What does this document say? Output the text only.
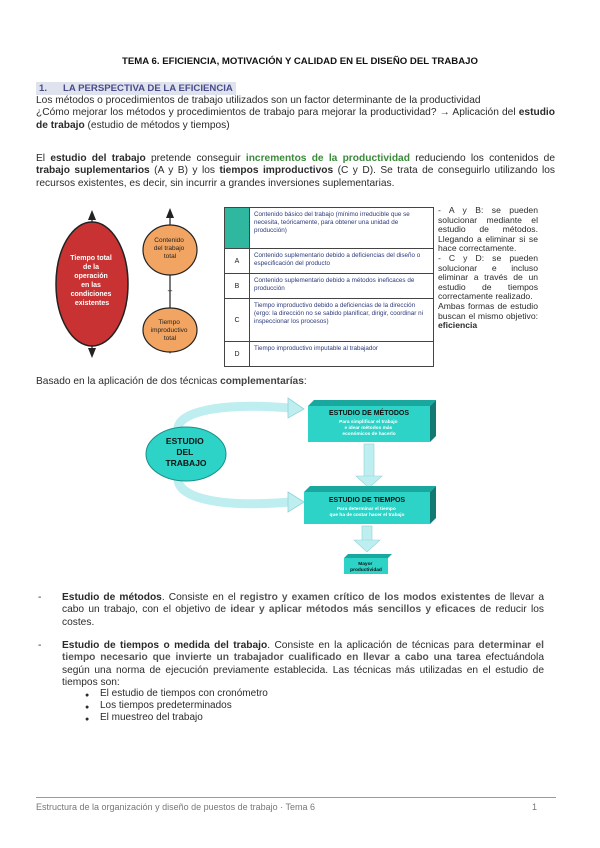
TEMA 6. EFICIENCIA, MOTIVACIÓN Y CALIDAD EN EL DISEÑO DEL TRABAJO
1. LA PERSPECTIVA DE LA EFICIENCIA
Los métodos o procedimientos de trabajo utilizados son un factor determinante de la productividad
¿Cómo mejorar los métodos y procedimientos de trabajo para mejorar la productividad? → Aplicación del estudio de trabajo (estudio de métodos y tiempos)
El estudio del trabajo pretende conseguir incrementos de la productividad reduciendo los contenidos de trabajo suplementarios (A y B) y los tiempos improductivos (C y D). Se trata de conseguirlo utilizando los recursos existentes, es decir, sin incurrir a grandes inversiones suplementarias.
Tiempo total de la operación en las condiciones existentes
Contenido del trabajo total
+
Tiempo improductivo total
Contenido básico del trabajo (mínimo irreducible que se necesita, teóricamente, para obtener una unidad de producción)
A
Contenido suplementario debido a deficiencias del diseño o especificación del producto
B
Contenido suplementario debido a métodos ineficaces de producción
C
Tiempo improductivo debido a deficiencias de la dirección (ergo: la dirección no se sabido planificar, dirigir, coordinar ni inspeccionar los procesos)
D
Tiempo improductivo imputable al trabajador
- A y B: se pueden solucionar mediante el estudio de métodos. Llegando a eliminar si se hace correctamente.
- C y D: se pueden solucionar e incluso eliminar a través de un estudio de tiempos correctamente realizado.
Ambas formas de estudio buscan el mismo objetivo: eficiencia
Basado en la aplicación de dos técnicas complementarías:
ESTUDIO DEL TRABAJO
ESTUDIO DE MÉTODOS
Para simplificar el trabajo e idear métodos más económicos de hacerlo
ESTUDIO DE TIEMPOS
Para determinar el tiempo que ha de costar hacer el trabajo
Mayor productividad
- Estudio de métodos. Consiste en el registro y examen crítico de los modos existentes de llevar a cabo un trabajo, con el objetivo de idear y aplicar métodos más sencillos y eficaces de reducir los costes.
- Estudio de tiempos o medida del trabajo. Consiste en la aplicación de técnicas para determinar el tiempo necesario que invierte un trabajador cualificado en llevar a cabo una tarea efectuándola según una norma de ejecución previamente establecida. Las técnicas más utilizadas en el estudio de tiempos son:
● El estudio de tiempos con cronómetro
● Los tiempos predeterminados
● El muestreo del trabajo
Estructura de la organización y diseño de puestos de trabajo · Tema 6	1
